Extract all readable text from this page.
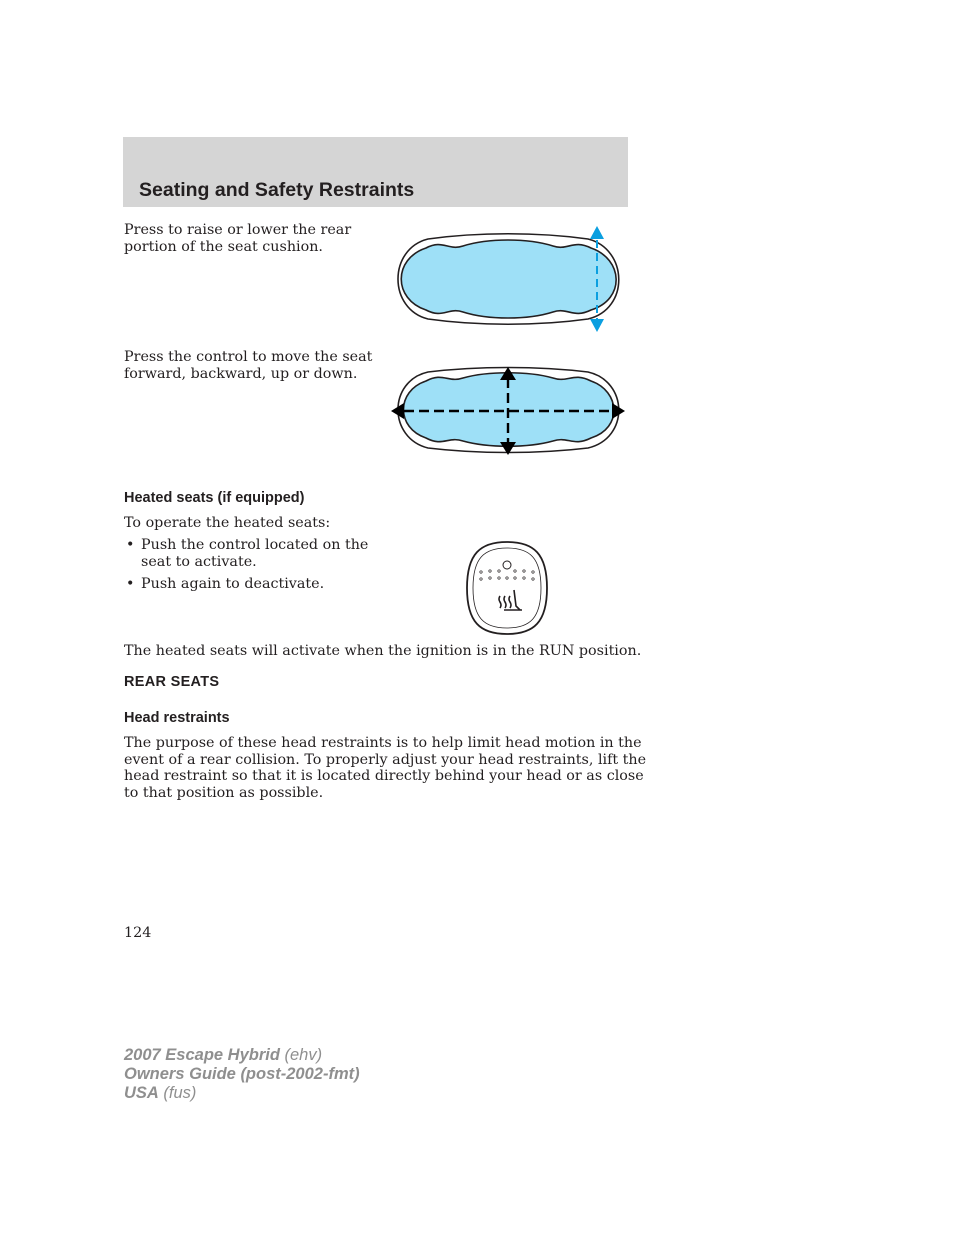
Seating and Safety Restraints
Press to raise or lower the rear
portion of the seat cushion.
Press the control to move the seat
forward, backward, up or down.
Heated seats (if equipped)
To operate the heated seats:
• Push the control located on the
seat to activate.
• Push again to deactivate.
The heated seats will activate when the ignition is in the RUN position.
REAR SEATS
Head restraints
The purpose of these head restraints is to help limit head motion in the
event of a rear collision. To properly adjust your head restraints, lift the
head restraint so that it is located directly behind your head or as close
to that position as possible.
124
2007 Escape Hybrid (ehv)
Owners Guide (post-2002-fmt)
USA (fus)
